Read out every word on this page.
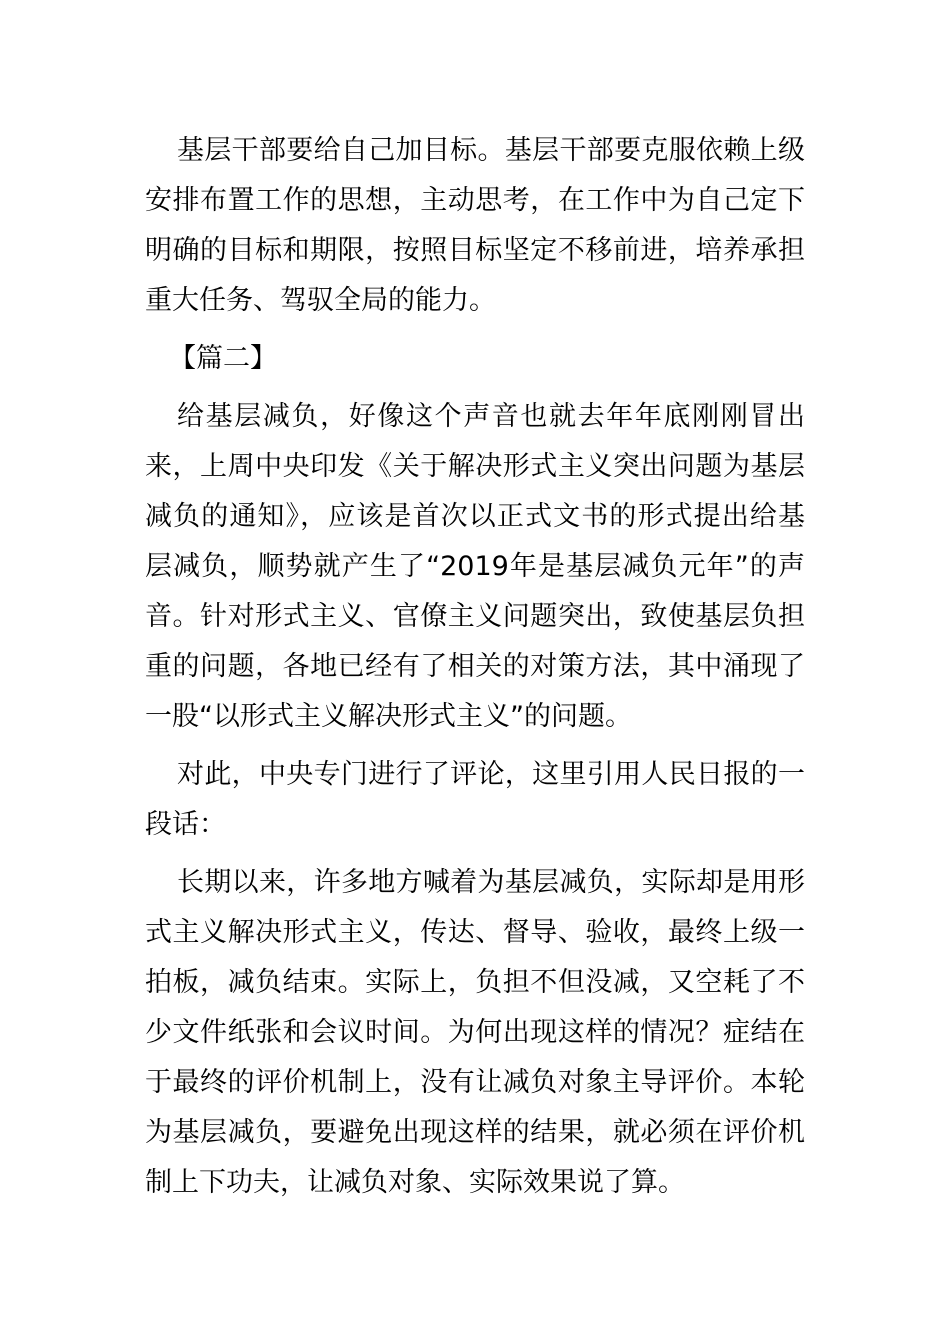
基层干部要给自己加目标。基层干部要克服依赖上级安排布置工作的思想，主动思考，在工作中为自己定下明确的目标和期限，按照目标坚定不移前进，培养承担重大任务、驾驭全局的能力。

【篇二】

给基层减负，好像这个声音也就去年年底刚刚冒出来，上周中央印发《关于解决形式主义突出问题为基层减负的通知》，应该是首次以正式文书的形式提出给基层减负，顺势就产生了“2019年是基层减负元年”的声音。针对形式主义、官僚主义问题突出，致使基层负担重的问题，各地已经有了相关的对策方法，其中涌现了一股“以形式主义解决形式主义”的问题。

对此，中央专门进行了评论，这里引用人民日报的一段话：

长期以来，许多地方喊着为基层减负，实际却是用形式主义解决形式主义，传达、督导、验收，最终上级一拍板，减负结束。实际上，负担不但没减，又空耗了不少文件纸张和会议时间。为何出现这样的情况？症结在于最终的评价机制上，没有让减负对象主导评价。本轮为基层减负，要避免出现这样的结果，就必须在评价机制上下功夫，让减负对象、实际效果说了算。
